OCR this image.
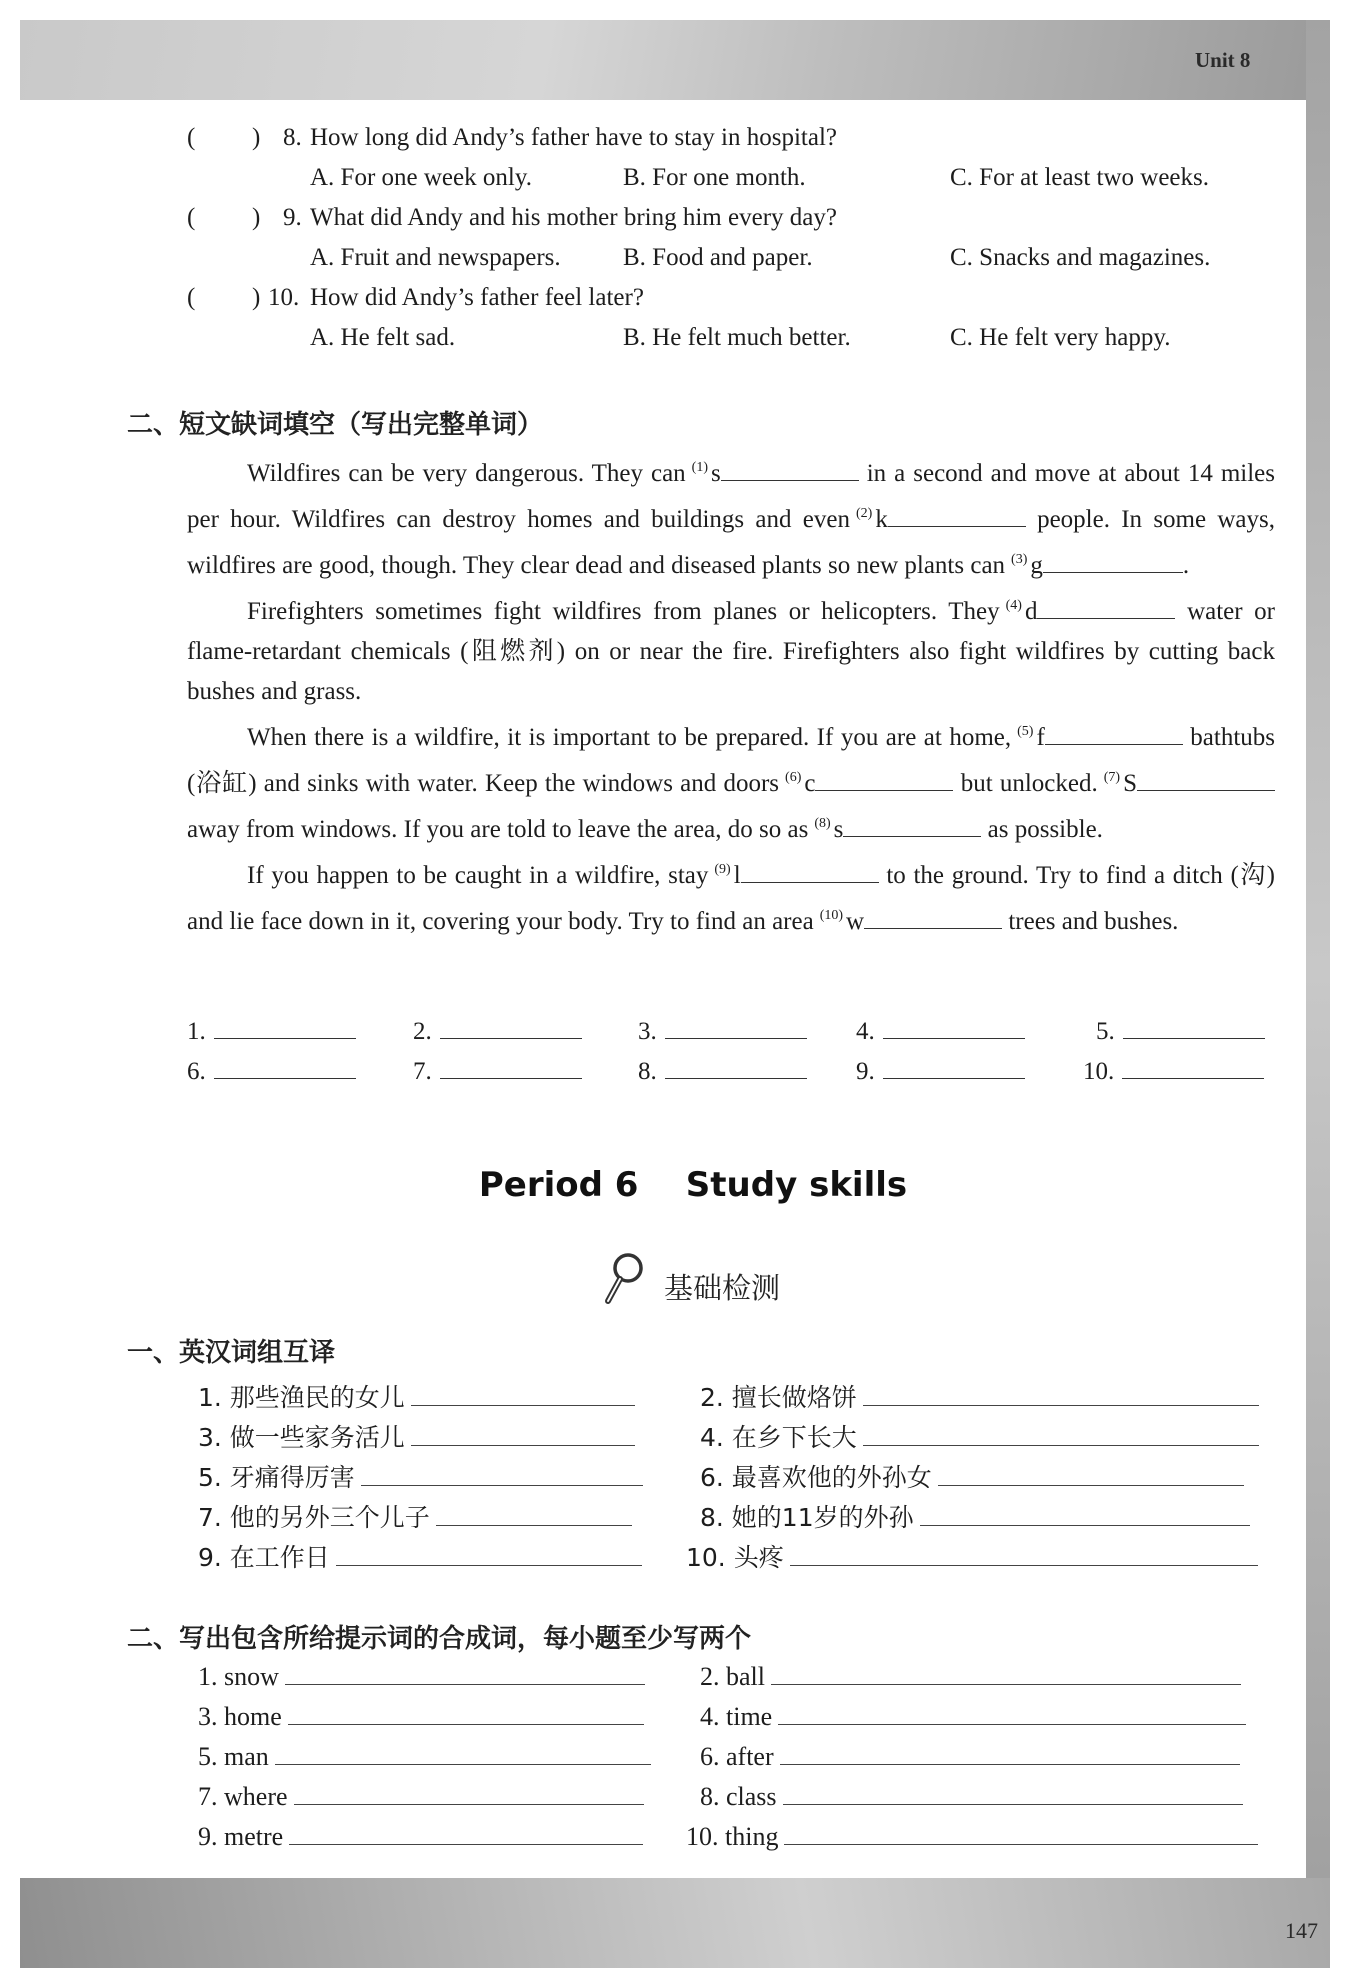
Unit 8
( ) 8. How long did Andy’s father have to stay in hospital?
A. For one week only.	B. For one month.	C. For at least two weeks.
( ) 9. What did Andy and his mother bring him every day?
A. Fruit and newspapers. B. Food and paper.	C. Snacks and magazines.
( ) 10. How did Andy’s father feel later?
A. He felt sad.	B. He felt much better.	C. He felt very happy.
二、短文缺词填空（写出完整单词）

Wildfires can be very dangerous. They can $^{(1)}$ s	in a second and move at about 14 miles per hour. Wildfires can destroy homes and buildings and even $^{(2)}$ k	people. In some ways, wildfires are good, though. They clear dead and diseased plants so new plants can $^{(3)}$ g	.

Firefighters sometimes fight wildfires from planes or helicopters. They $^{(4)}$ d	water or flame-retardant chemicals (阻燃剂) on or near the fire. Firefighters also fight wildfires by cutting back bushes and grass.

When there is a wildfire, it is important to be prepared. If you are at home, $^{(5)}$ f	bathtubs (浴缸) and sinks with water. Keep the windows and doors $^{(6)}$ c	but unlocked. $^{(7)}$ S away from windows. If you are told to leave the area, do so as $^{(8)}$ s	as possible.

If you happen to be caught in a wildfire, stay $^{(9)}$ l	to the ground. Try to find a ditch (沟) and lie face down in it, covering your body. Try to find an area $^{(10)}$ w	trees and bushes.

1.	2.	3.	4.	5.
6.	7.	8.	9.	10.
Period 6    Study skills
基础检测
一、英汉词组互译
1. 那些渔民的女儿	2. 擅长做烙饼
3. 做一些家务活儿	4. 在乡下长大
5. 牙痛得厉害	6. 最喜欢他的外孙女
7. 他的另外三个儿子	8. 她的11岁的外孙
9. 在工作日	10. 头疼
二、写出包含所给提示词的合成词，每小题至少写两个
1. snow	2. ball
3. home	4. time
5. man	6. after
7. where	8. class
9. metre	10. thing
147
